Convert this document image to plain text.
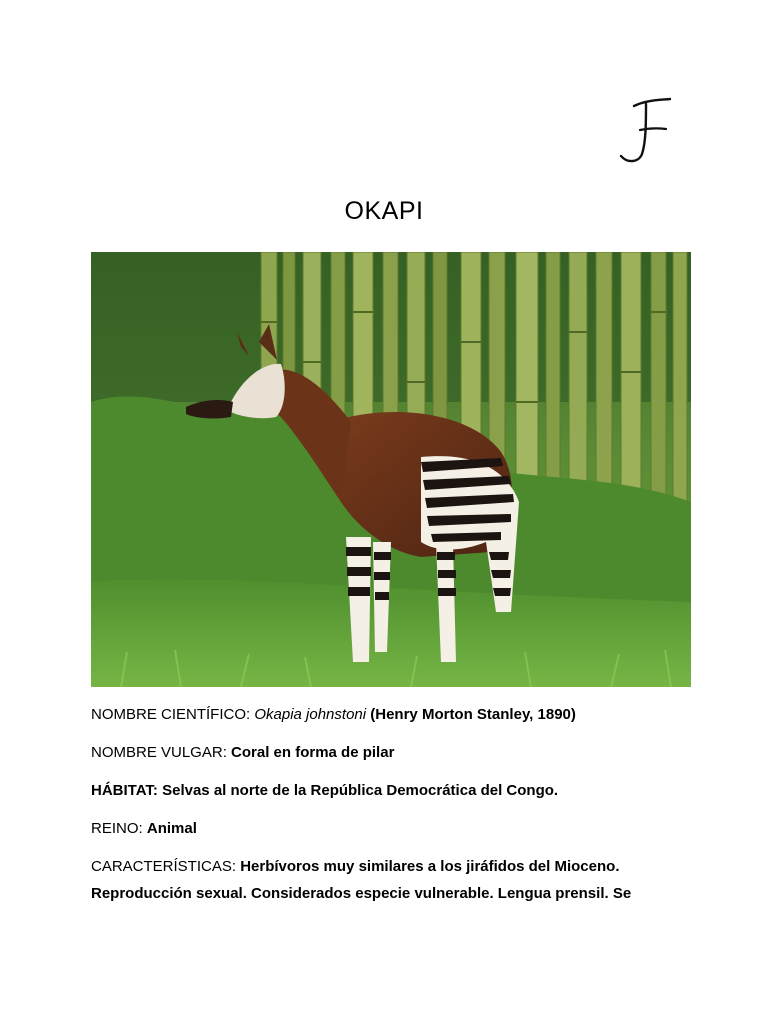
OKAPI
NOMBRE CIENTÍFICO: Okapia johnstoni (Henry Morton Stanley, 1890)
NOMBRE VULGAR: Coral en forma de pilar
HÁBITAT: Selvas al norte de la República Democrática del Congo.
REINO: Animal
CARACTERÍSTICAS: Herbívoros muy similares a los jiráfidos del Mioceno.
Reproducción sexual. Considerados especie vulnerable. Lengua prensil. Se
